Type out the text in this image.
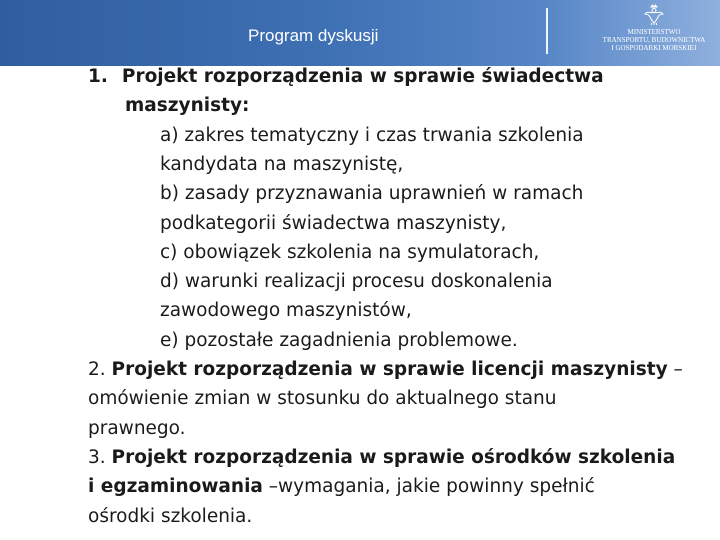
Program dyskusji	MINISTERSTWO
TRANSPORTU, BUDOWNICTWA
I GOSPODARKI MORSKIEJ
1. Projekt rozporządzenia w sprawie świadectwa
maszynisty:
a) zakres tematyczny i czas trwania szkolenia
kandydata na maszynistę,
b) zasady przyznawania uprawnień w ramach
podkategorii świadectwa maszynisty,
c) obowiązek szkolenia na symulatorach,
d) warunki realizacji procesu doskonalenia
zawodowego maszynistów,
e) pozostałe zagadnienia problemowe.
2. Projekt rozporządzenia w sprawie licencji maszynisty –
omówienie zmian w stosunku do aktualnego stanu
prawnego.
3. Projekt rozporządzenia w sprawie ośrodków szkolenia
i egzaminowania –wymagania, jakie powinny spełnić
ośrodki szkolenia.
